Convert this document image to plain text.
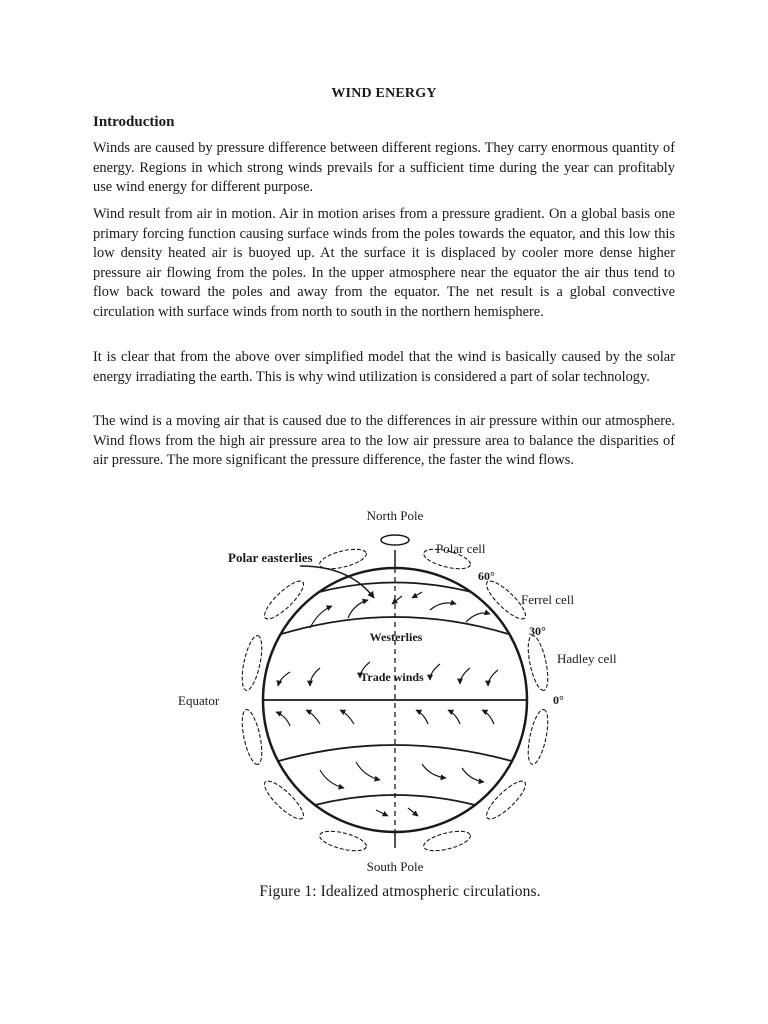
WIND ENERGY
Introduction

Winds are caused by pressure difference between different regions. They carry enormous quantity of energy. Regions in which strong winds prevails for a sufficient time during the year can profitably use wind energy for different purpose.

Wind result from air in motion. Air in motion arises from a pressure gradient. On a global basis one primary forcing function causing surface winds from the poles towards the equator, and this low this low density heated air is buoyed up. At the surface it is displaced by cooler more dense higher pressure air flowing from the poles. In the upper atmosphere near the equator the air thus tend to flow back toward the poles and away from the equator. The net result is a global convective circulation with surface winds from north to south in the northern hemisphere.

It is clear that from the above over simplified model that the wind is basically caused by the solar energy irradiating the earth. This is why wind utilization is considered a part of solar technology.

The wind is a moving air that is caused due to the differences in air pressure within our atmosphere. Wind flows from the high air pressure area to the low air pressure area to balance the disparities of air pressure. The more significant the pressure difference, the faster the wind flows.

North Pole
South Pole
Polar easterlies
Polar cell
60°
Ferrel cell
30°
Hadley cell
0°
Equator
Westerlies
Trade winds
Figure 1: Idealized atmospheric circulations.
